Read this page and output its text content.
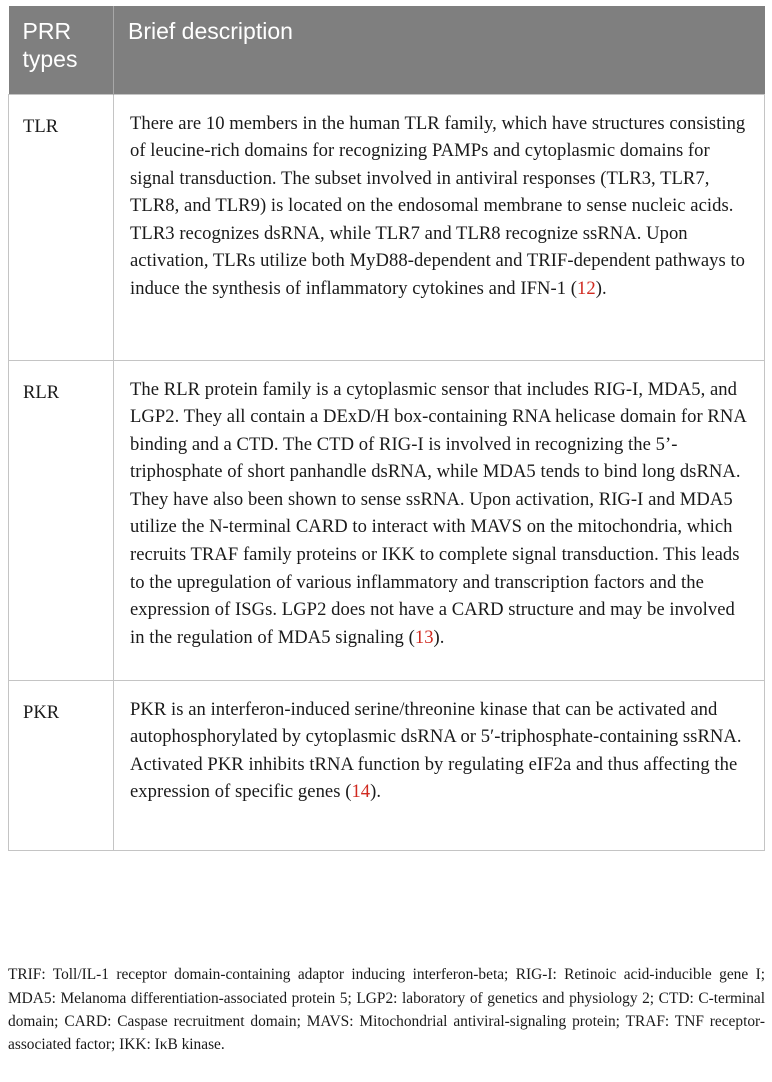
PRR types	Brief description
TLR	There are 10 members in the human TLR family, which have structures consisting of leucine-rich domains for recognizing PAMPs and cytoplasmic domains for signal transduction. The subset involved in antiviral responses (TLR3, TLR7, TLR8, and TLR9) is located on the endosomal membrane to sense nucleic acids. TLR3 recognizes dsRNA, while TLR7 and TLR8 recognize ssRNA. Upon activation, TLRs utilize both MyD88-dependent and TRIF-dependent pathways to induce the synthesis of inflammatory cytokines and IFN-1 (12).
RLR	The RLR protein family is a cytoplasmic sensor that includes RIG-I, MDA5, and LGP2. They all contain a DExD/H box-containing RNA helicase domain for RNA binding and a CTD. The CTD of RIG-I is involved in recognizing the 5’-triphosphate of short panhandle dsRNA, while MDA5 tends to bind long dsRNA. They have also been shown to sense ssRNA. Upon activation, RIG-I and MDA5 utilize the N-terminal CARD to interact with MAVS on the mitochondria, which recruits TRAF family proteins or IKK to complete signal transduction. This leads to the upregulation of various inflammatory and transcription factors and the expression of ISGs. LGP2 does not have a CARD structure and may be involved in the regulation of MDA5 signaling (13).
PKR	PKR is an interferon-induced serine/threonine kinase that can be activated and autophosphorylated by cytoplasmic dsRNA or 5′-triphosphate-containing ssRNA. Activated PKR inhibits tRNA function by regulating eIF2a and thus affecting the expression of specific genes (14).

TRIF: Toll/IL-1 receptor domain-containing adaptor inducing interferon-beta; RIG-I: Retinoic acid-inducible gene I; MDA5: Melanoma differentiation-associated protein 5; LGP2: laboratory of genetics and physiology 2; CTD: C-terminal domain; CARD: Caspase recruitment domain; MAVS: Mitochondrial antiviral-signaling protein; TRAF: TNF receptor-associated factor; IKK: IκB kinase.
